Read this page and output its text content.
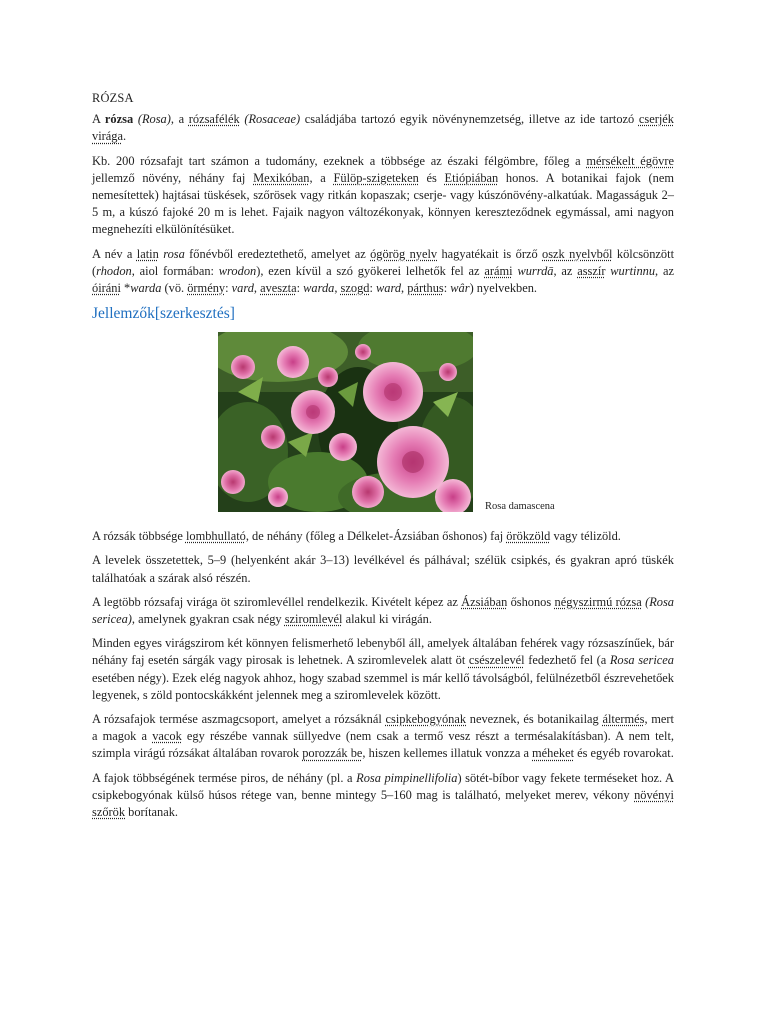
RÓZSA

A rózsa (Rosa), a rózsafélék (Rosaceae) családjába tartozó egyik növénynemzetség, illetve az ide tartozó cserjék virága.

Kb. 200 rózsafajt tart számon a tudomány, ezeknek a többsége az északi félgömbre, főleg a mérsékelt égövre jellemző növény, néhány faj Mexikóban, a Fülöp-szigeteken és Etiópiában honos. A botanikai fajok (nem nemesítettek) hajtásai tüskések, szőrösek vagy ritkán kopaszak; cserje- vagy kúszónövény-alkatúak. Magasságuk 2–5 m, a kúszó fajoké 20 m is lehet. Fajaik nagyon változékonyak, könnyen kereszteződnek egymással, ami nagyon megnehezíti elkülönítésüket.

A név a latin rosa főnévből eredeztethető, amelyet az ógörög nyelv hagyatékait is őrző oszk nyelvből kölcsönzött (rhodon, aiol formában: wrodon), ezen kívül a szó gyökerei lelhetők fel az arámi wurrdā, az asszír wurtinnu, az óiráni *warda (vö. örmény: vard, aveszta: warda, szogd: ward, párthus: wâr) nyelvekben.

Jellemzők[szerkesztés]
Rosa damascena

A rózsák többsége lombhullató, de néhány (főleg a Délkelet-Ázsiában őshonos) faj örökzöld vagy télizöld.

A levelek összetettek, 5–9 (helyenként akár 3–13) levélkével és pálhával; szélük csipkés, és gyakran apró tüskék találhatóak a szárak alsó részén.

A legtöbb rózsafaj virága öt sziromlevéllel rendelkezik. Kivételt képez az Ázsiában őshonos négyszirmú rózsa (Rosa sericea), amelynek gyakran csak négy sziromlevél alakul ki virágán.

Minden egyes virágszirom két könnyen felismerhető lebenyből áll, amelyek általában fehérek vagy rózsaszínűek, bár néhány faj esetén sárgák vagy pirosak is lehetnek. A sziromlevelek alatt öt csészelevél fedezhető fel (a Rosa sericea esetében négy). Ezek elég nagyok ahhoz, hogy szabad szemmel is már kellő távolságból, felülnézetből észrevehetőek legyenek, s zöld pontocskákként jelennek meg a sziromlevelek között.

A rózsafajok termése aszmagcsoport, amelyet a rózsáknál csipkebogyónak neveznek, és botanikailag áltermés, mert a magok a vacok egy részébe vannak süllyedve (nem csak a termő vesz részt a termésalakításban). A nem telt, szimpla virágú rózsákat általában rovarok porozzák be, hiszen kellemes illatuk vonzza a méheket és egyéb rovarokat.

A fajok többségének termése piros, de néhány (pl. a Rosa pimpinellifolia) sötét-bíbor vagy fekete terméseket hoz. A csipkebogyónak külső húsos rétege van, benne mintegy 5–160 mag is található, melyeket merev, vékony növényi szőrök borítanak.
